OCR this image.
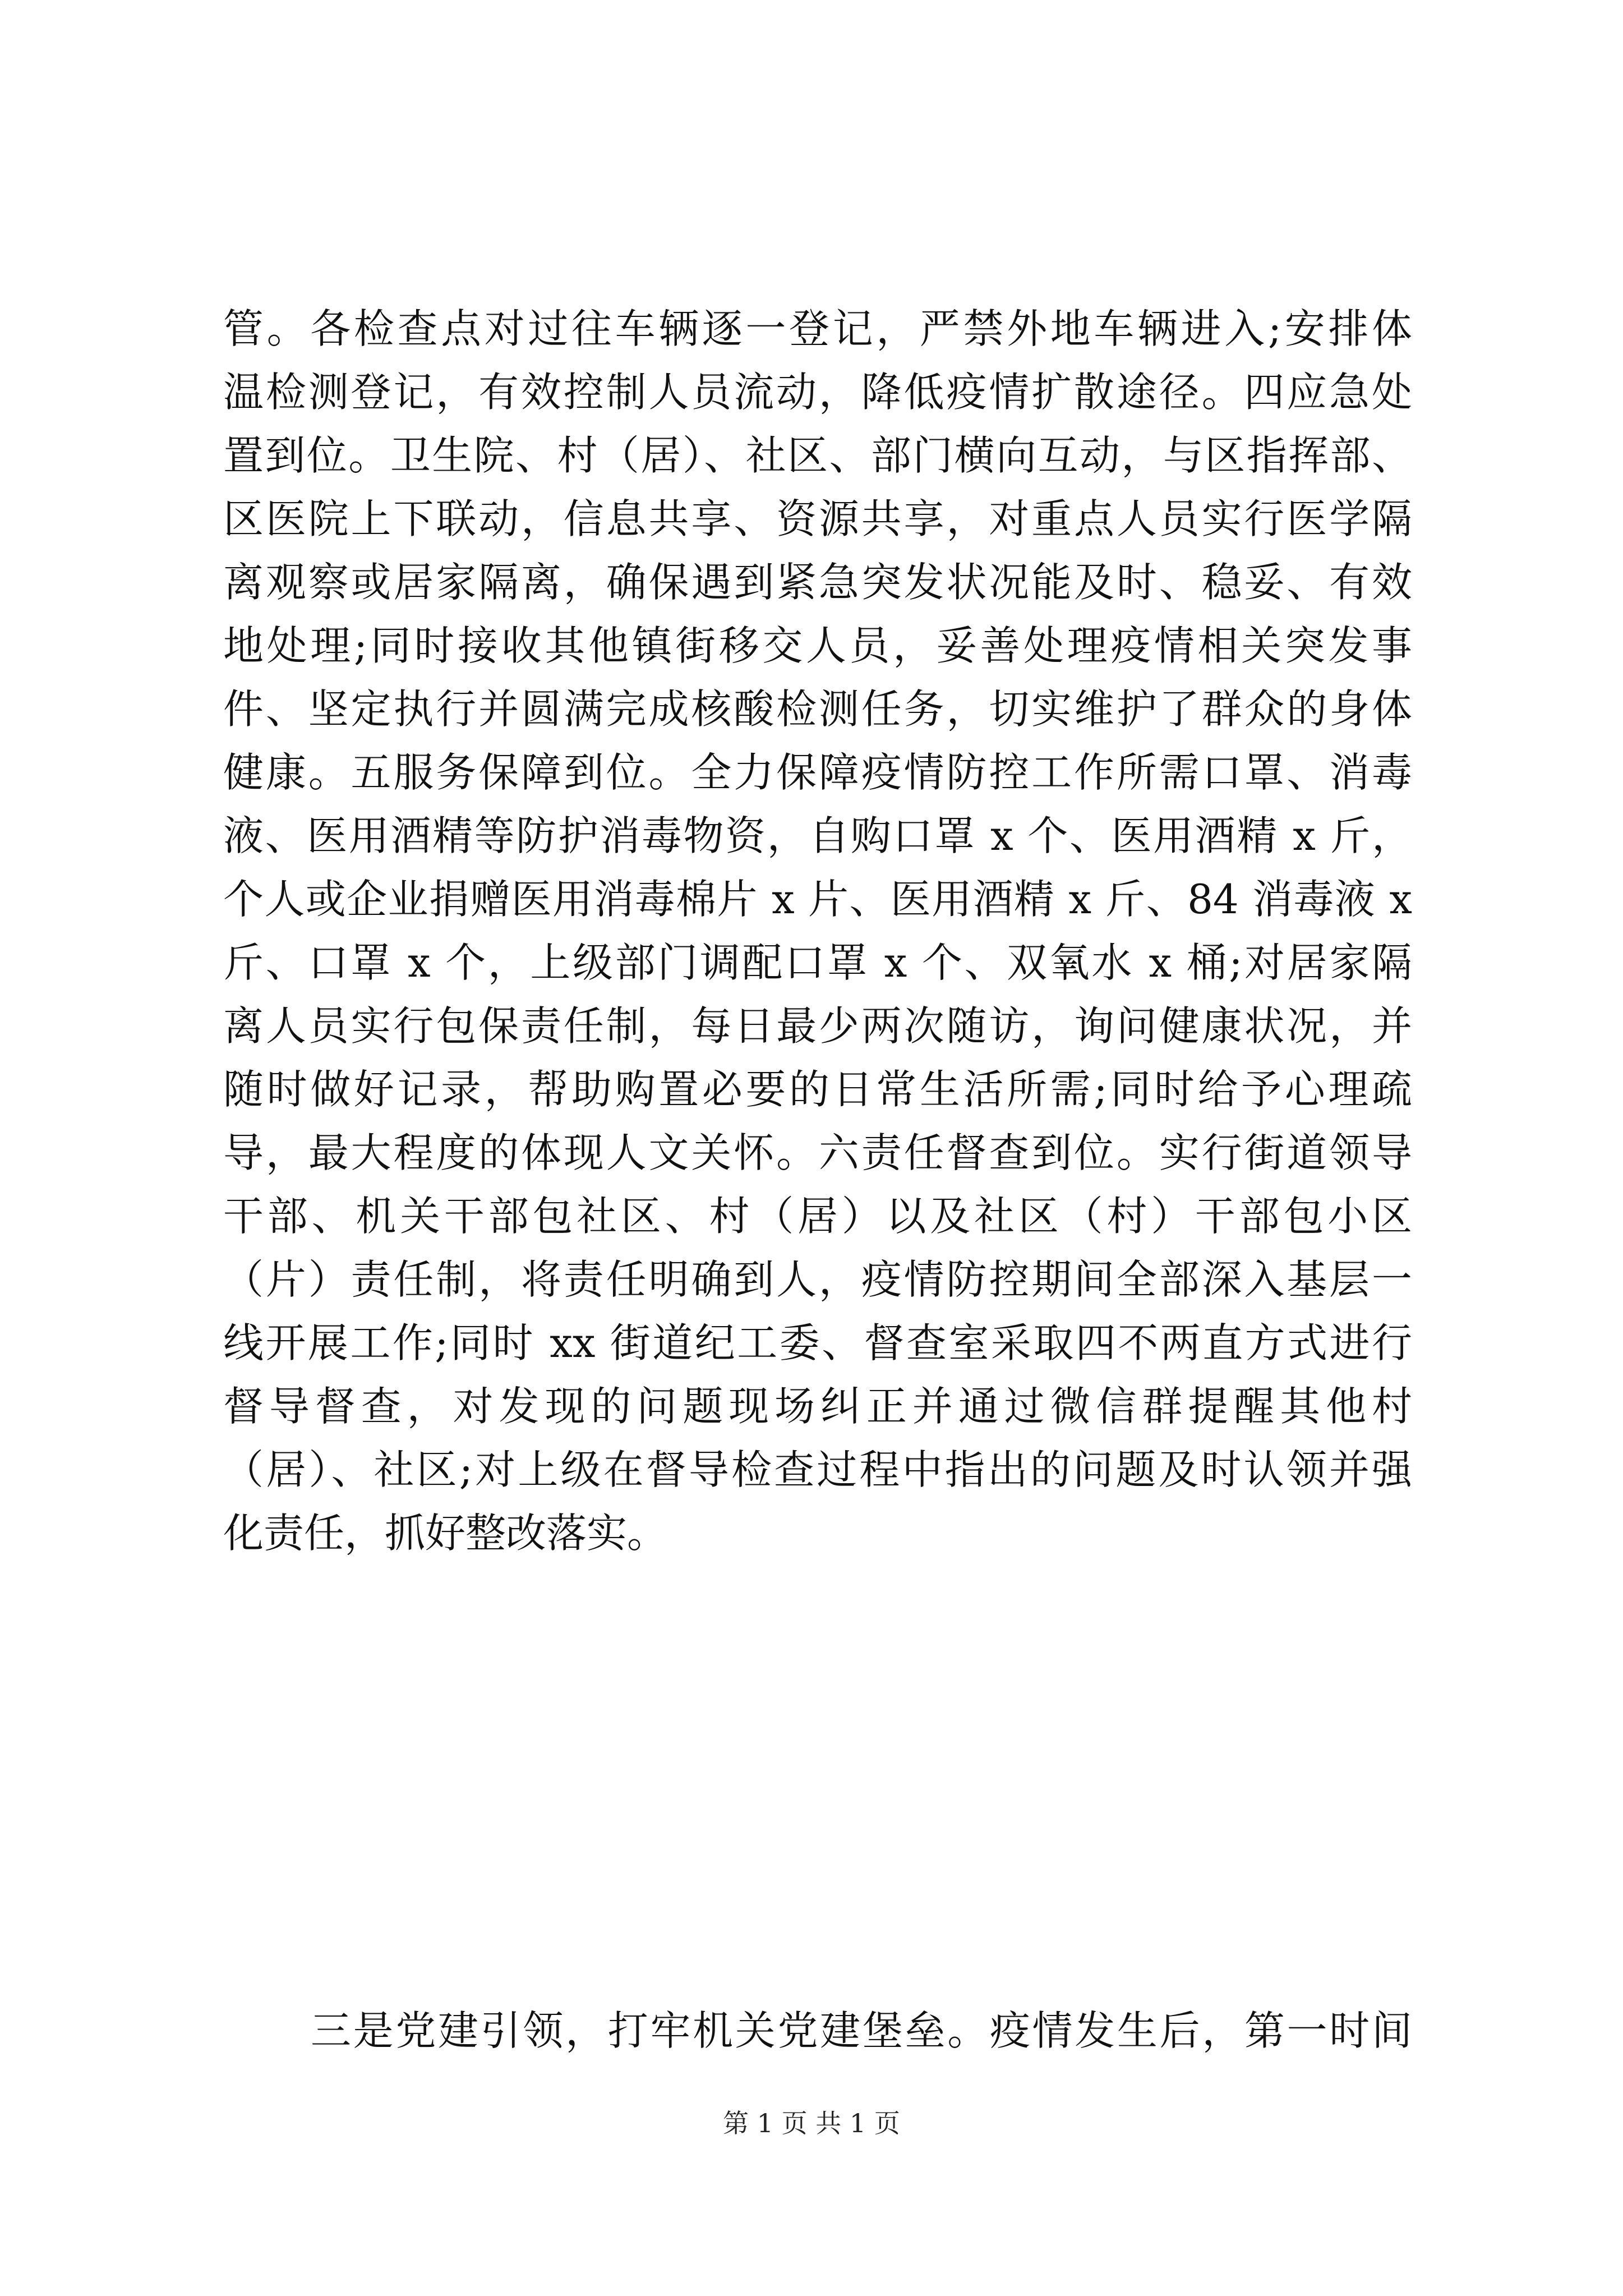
管。各检查点对过往车辆逐一登记，严禁外地车辆进入;安排体
温检测登记，有效控制人员流动，降低疫情扩散途径。四应急处
置到位。卫生院、村（居）、社区、部门横向互动，与区指挥部、
区医院上下联动，信息共享、资源共享，对重点人员实行医学隔
离观察或居家隔离，确保遇到紧急突发状况能及时、稳妥、有效
地处理;同时接收其他镇街移交人员，妥善处理疫情相关突发事
件、坚定执行并圆满完成核酸检测任务，切实维护了群众的身体
健康。五服务保障到位。全力保障疫情防控工作所需口罩、消毒
液、医用酒精等防护消毒物资，自购口罩 x 个、医用酒精 x 斤，
个人或企业捐赠医用消毒棉片 x 片、医用酒精 x 斤、84 消毒液 x
斤、口罩 x 个，上级部门调配口罩 x 个、双氧水 x 桶;对居家隔
离人员实行包保责任制，每日最少两次随访，询问健康状况，并
随时做好记录，帮助购置必要的日常生活所需;同时给予心理疏
导，最大程度的体现人文关怀。六责任督查到位。实行街道领导
干部、机关干部包社区、村（居）以及社区（村）干部包小区
（片）责任制，将责任明确到人，疫情防控期间全部深入基层一
线开展工作;同时 xx 街道纪工委、督查室采取四不两直方式进行
督导督查，对发现的问题现场纠正并通过微信群提醒其他村
（居）、社区;对上级在督导检查过程中指出的问题及时认领并强
化责任，抓好整改落实。
三是党建引领，打牢机关党建堡垒。疫情发生后，第一时间
第 1 页 共 1 页
